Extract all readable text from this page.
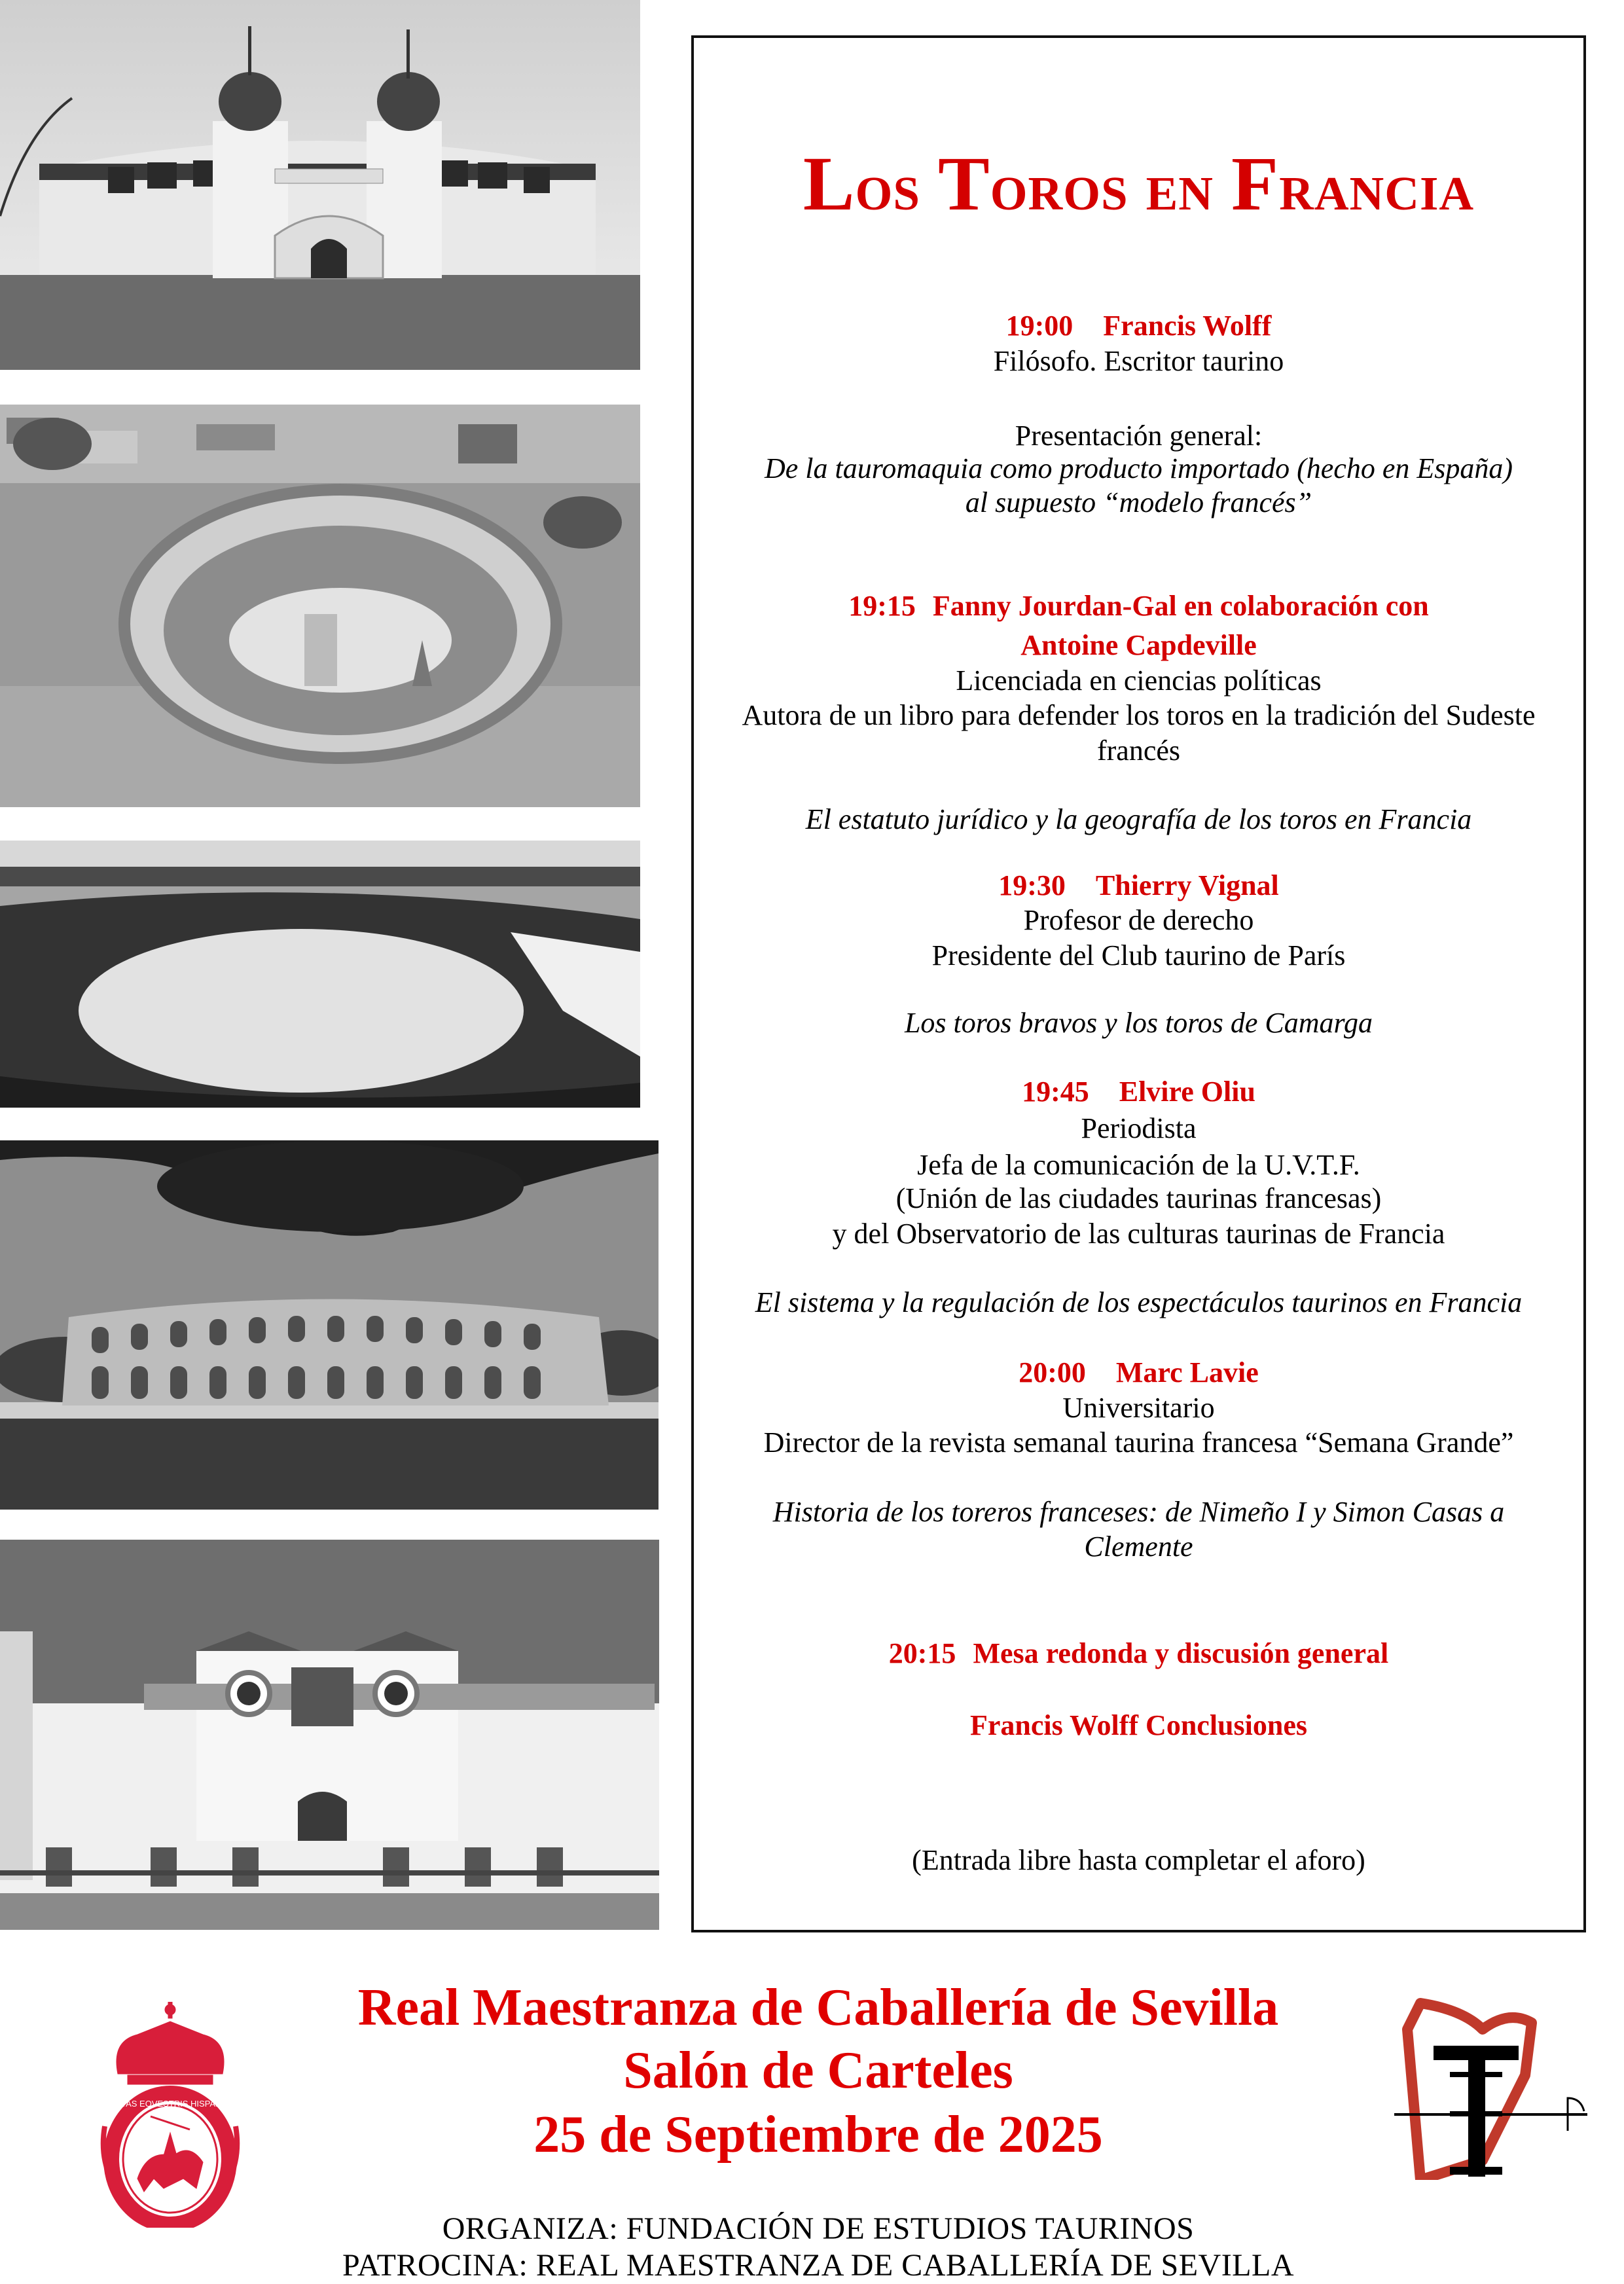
Los Toros en Francia
19:00 Francis Wolff
Filósofo. Escritor taurino
Presentación general:
De la tauromaquia como producto importado (hecho en España)
al supuesto “modelo francés”
19:15 Fanny Jourdan-Gal en colaboración con
Antoine Capdeville
Licenciada en ciencias políticas
Autora de un libro para defender los toros en la tradición del Sudeste
francés
El estatuto jurídico y la geografía de los toros en Francia
19:30 Thierry Vignal
Profesor de derecho
Presidente del Club taurino de París
Los toros bravos y los toros de Camarga
19:45 Elvire Oliu
Periodista
Jefa de la comunicación de la U.V.T.F.
(Unión de las ciudades taurinas francesas)
y del Observatorio de las culturas taurinas de Francia
El sistema y la regulación de los espectáculos taurinos en Francia
20:00 Marc Lavie
Universitario
Director de la revista semanal taurina francesa “Semana Grande”
Historia de los toreros franceses: de Nimeño I y Simon Casas a
Clemente
20:15 Mesa redonda y discusión general
Francis Wolff Conclusiones
(Entrada libre hasta completar el aforo)
SOCIETAS EQVESTRIS HISPALENSIS
Real Maestranza de Caballería de Sevilla
Salón de Carteles
25 de Septiembre de 2025
ORGANIZA: FUNDACIÓN DE ESTUDIOS TAURINOS
PATROCINA: REAL MAESTRANZA DE CABALLERÍA DE SEVILLA
